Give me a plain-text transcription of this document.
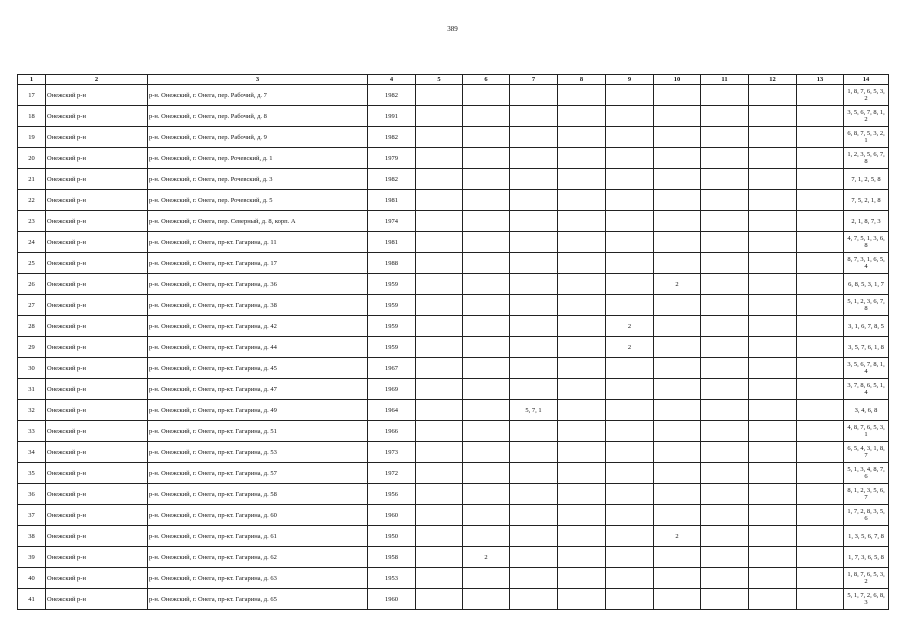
389
1	2	3	4	5	6	7	8	9	10	11	12	13	14
17	Онежский р-н	р-н. Онежский, г. Онега, пер. Рабочий, д. 7	1982										1, 8, 7, 6, 5, 3, 2
18	Онежский р-н	р-н. Онежский, г. Онега, пер. Рабочий, д. 8	1991										3, 5, 6, 7, 8, 1, 2
19	Онежский р-н	р-н. Онежский, г. Онега, пер. Рабочий, д. 9	1982										6, 8, 7, 5, 3, 2, 1
20	Онежский р-н	р-н. Онежский, г. Онега, пер. Рочевский, д. 1	1979										1, 2, 3, 5, 6, 7, 8
21	Онежский р-н	р-н. Онежский, г. Онега, пер. Рочевский, д. 3	1982										7, 1, 2, 5, 8
22	Онежский р-н	р-н. Онежский, г. Онега, пер. Рочевский, д. 5	1981										7, 5, 2, 1, 8
23	Онежский р-н	р-н. Онежский, г. Онега, пер. Северный, д. 8, корп. А	1974										2, 1, 8, 7, 3
24	Онежский р-н	р-н. Онежский, г. Онега, пр-кт. Гагарина, д. 11	1981										4, 7, 5, 1, 3, 6, 8
25	Онежский р-н	р-н. Онежский, г. Онега, пр-кт. Гагарина, д. 17	1988										8, 7, 3, 1, 6, 5, 4
26	Онежский р-н	р-н. Онежский, г. Онега, пр-кт. Гагарина, д. 36	1959						2				6, 8, 5, 3, 1, 7
27	Онежский р-н	р-н. Онежский, г. Онега, пр-кт. Гагарина, д. 38	1959										5, 1, 2, 3, 6, 7, 8
28	Онежский р-н	р-н. Онежский, г. Онега, пр-кт. Гагарина, д. 42	1959					2					3, 1, 6, 7, 8, 5
29	Онежский р-н	р-н. Онежский, г. Онега, пр-кт. Гагарина, д. 44	1959					2					3, 5, 7, 6, 1, 8
30	Онежский р-н	р-н. Онежский, г. Онега, пр-кт. Гагарина, д. 45	1967										3, 5, 6, 7, 8, 1, 4
31	Онежский р-н	р-н. Онежский, г. Онега, пр-кт. Гагарина, д. 47	1969										3, 7, 8, 6, 5, 1, 4
32	Онежский р-н	р-н. Онежский, г. Онега, пр-кт. Гагарина, д. 49	1964			5, 7, 1							3, 4, 6, 8
33	Онежский р-н	р-н. Онежский, г. Онега, пр-кт. Гагарина, д. 51	1966										4, 8, 7, 6, 5, 3, 1
34	Онежский р-н	р-н. Онежский, г. Онега, пр-кт. Гагарина, д. 53	1973										6, 5, 4, 3, 1, 8, 7
35	Онежский р-н	р-н. Онежский, г. Онега, пр-кт. Гагарина, д. 57	1972										5, 1, 3, 4, 8, 7, 6
36	Онежский р-н	р-н. Онежский, г. Онега, пр-кт. Гагарина, д. 58	1956										8, 1, 2, 3, 5, 6, 7
37	Онежский р-н	р-н. Онежский, г. Онега, пр-кт. Гагарина, д. 60	1960										1, 7, 2, 8, 3, 5, 6
38	Онежский р-н	р-н. Онежский, г. Онега, пр-кт. Гагарина, д. 61	1950						2				1, 3, 5, 6, 7, 8
39	Онежский р-н	р-н. Онежский, г. Онега, пр-кт. Гагарина, д. 62	1958		2								1, 7, 3, 6, 5, 8
40	Онежский р-н	р-н. Онежский, г. Онега, пр-кт. Гагарина, д. 63	1953										1, 8, 7, 6, 5, 3, 2
41	Онежский р-н	р-н. Онежский, г. Онега, пр-кт. Гагарина, д. 65	1960										5, 1, 7, 2, 6, 8, 3
